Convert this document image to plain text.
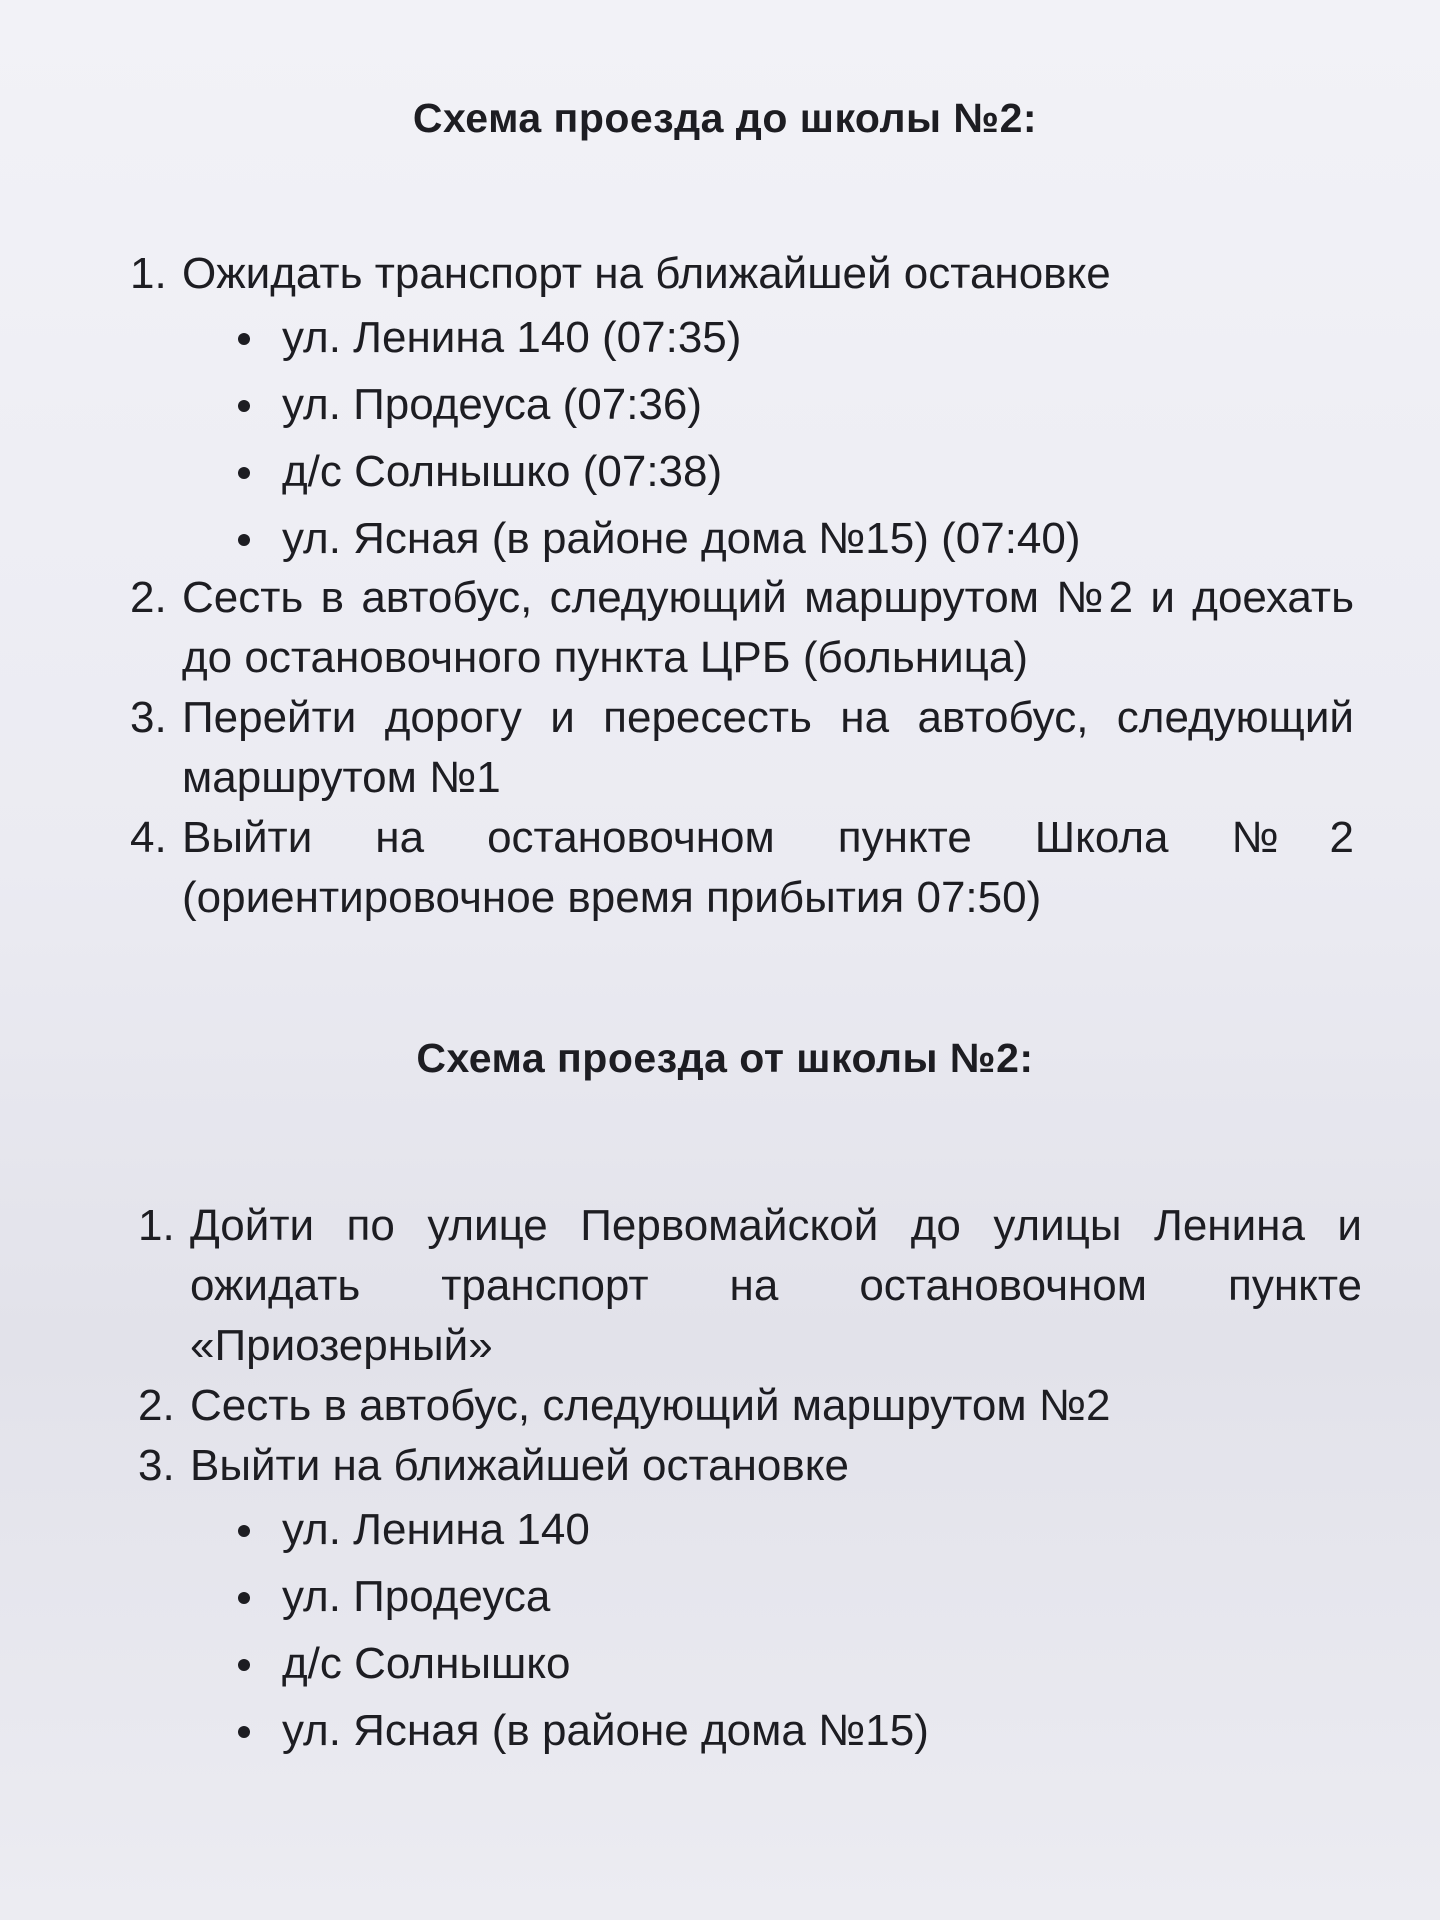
Схема проезда до школы №2:
1. Ожидать транспорт на ближайшей остановке
ул. Ленина 140 (07:35)
ул. Продеуса (07:36)
д/с Солнышко (07:38)
ул. Ясная (в районе дома №15) (07:40)
2. Сесть в автобус, следующий маршрутом №2 и доехать до остановочного пункта ЦРБ (больница)
3. Перейти дорогу и пересесть на автобус, следующий маршрутом №1
4. Выйти на остановочном пункте Школа №2 (ориентировочное время прибытия 07:50)
Схема проезда от школы №2:
1. Дойти по улице Первомайской до улицы Ленина и ожидать транспорт на остановочном пункте «Приозерный»
2. Сесть в автобус, следующий маршрутом №2
3. Выйти на ближайшей остановке
ул. Ленина 140
ул. Продеуса
д/с Солнышко
ул. Ясная (в районе дома №15)
